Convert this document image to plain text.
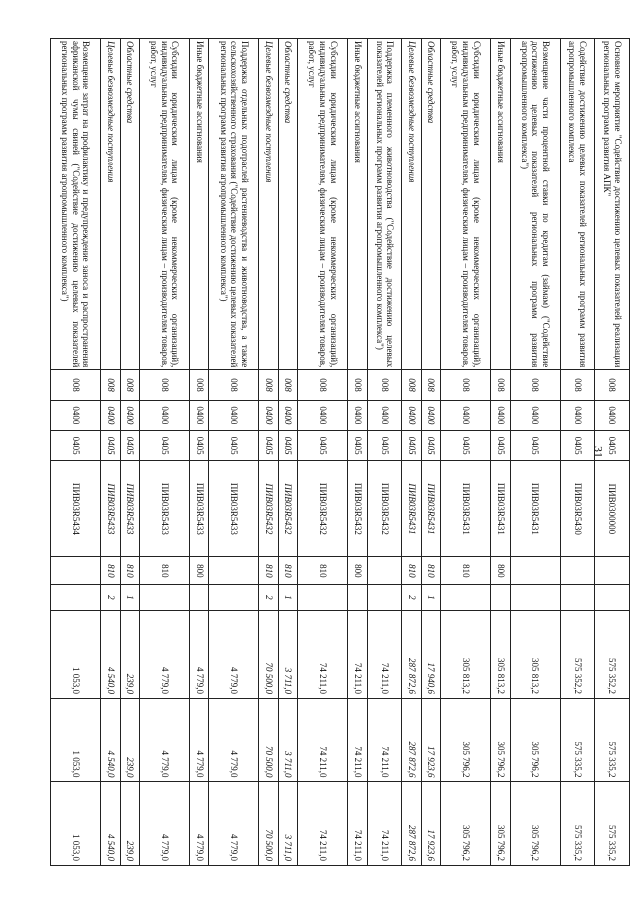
31
Основное мероприятие "Содействие достижению целевых показателей реализации региональных программ развития АПК"	008	0400	0405	ПИВ0300000			575 352,2	575 335,2	575 335,2
Содействие достижению целевых показателей региональных программ развития агропромышленного комплекса	008	0400	0405	ПИВ03R5430			575 352,2	575 335,2	575 335,2
Возмещение части процентной ставки по кредитам (займам) ("Содействие достижению целевых показателей региональных программ развития агропромышленного комплекса")	008	0400	0405	ПИВ03R5431			305 813,2	305 796,2	305 796,2
Иные бюджетные ассигнования	008	0400	0405	ПИВ03R5431	800		305 813,2	305 796,2	305 796,2
Субсидии юридическим лицам (кроме некоммерческих организаций), индивидуальным предпринимателям, физическим лицам – производителям товаров, работ, услуг	008	0400	0405	ПИВ03R5431	810		305 813,2	305 796,2	305 796,2
Областные средства	008	0400	0405	ПИВ03R5431	810	1	17 940,6	17 923,6	17 923,6
Целевые безвозмездные поступления	008	0400	0405	ПИВ03R5431	810	2	287 872,6	287 872,6	287 872,6
Поддержка племенного животноводства ("Содействие достижению целевых показателей региональных программ развития агропромышленного комплекса")	008	0400	0405	ПИВ03R5432			74 211,0	74 211,0	74 211,0
Иные бюджетные ассигнования	008	0400	0405	ПИВ03R5432	800		74 211,0	74 211,0	74 211,0
Субсидии юридическим лицам (кроме некоммерческих организаций), индивидуальным предпринимателям, физическим лицам – производителям товаров, работ, услуг	008	0400	0405	ПИВ03R5432	810		74 211,0	74 211,0	74 211,0
Областные средства	008	0400	0405	ПИВ03R5432	810	1	3 711,0	3 711,0	3 711,0
Целевые безвозмездные поступления	008	0400	0405	ПИВ03R5432	810	2	70 500,0	70 500,0	70 500,0
Поддержка отдельных подотраслей растениеводства и животноводства, а также сельскохозяйственного страхования ("Содействие достижению целевых показателей региональных программ развития агропромышленного комплекса")	008	0400	0405	ПИВ03R5433			4 779,0	4 779,0	4 779,0
Иные бюджетные ассигнования	008	0400	0405	ПИВ03R5433	800		4 779,0	4 779,0	4 779,0
Субсидии юридическим лицам (кроме некоммерческих организаций), индивидуальным предпринимателям, физическим лицам – производителям товаров, работ, услуг	008	0400	0405	ПИВ03R5433	810		4 779,0	4 779,0	4 779,0
Областные средства	008	0400	0405	ПИВ03R5433	810	1	239,0	239,0	239,0
Целевые безвозмездные поступления	008	0400	0405	ПИВ03R5433	810	2	4 540,0	4 540,0	4 540,0
Возмещение затрат на профилактику и предупреждение заноса и распространения африканской чумы свиней ("Содействие достижению целевых показателей региональных программ развития агропромышленного комплекса")	008	0400	0405	ПИВ03R5434			1 053,0	1 053,0	1 053,0
